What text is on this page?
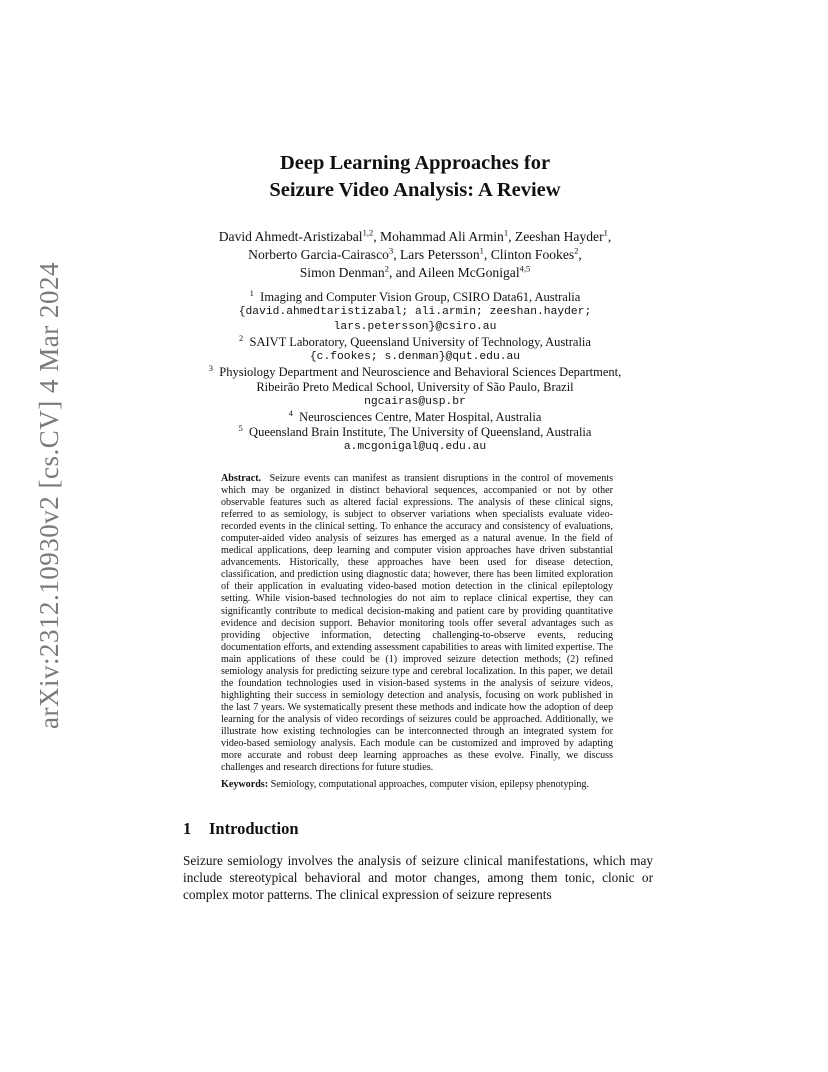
arXiv:2312.10930v2 [cs.CV] 4 Mar 2024
Deep Learning Approaches for
Seizure Video Analysis: A Review
David Ahmedt-Aristizabal$^{1,2}$, Mohammad Ali Armin$^1$, Zeeshan Hayder$^1$,
Norberto Garcia-Cairasco$^3$, Lars Petersson$^1$, Clinton Fookes$^2$,
Simon Denman$^2$, and Aileen McGonigal$^{4,5}$
$^1$ Imaging and Computer Vision Group, CSIRO Data61, Australia
{david.ahmedtaristizabal; ali.armin; zeeshan.hayder;
lars.petersson}@csiro.au
$^2$ SAIVT Laboratory, Queensland University of Technology, Australia
{c.fookes; s.denman}@qut.edu.au
$^3$ Physiology Department and Neuroscience and Behavioral Sciences Department,
Ribeirão Preto Medical School, University of São Paulo, Brazil
ngcairas@usp.br
$^4$ Neurosciences Centre, Mater Hospital, Australia
$^5$ Queensland Brain Institute, The University of Queensland, Australia
a.mcgonigal@uq.edu.au

Abstract. Seizure events can manifest as transient disruptions in the control of movements which may be organized in distinct behavioral sequences, accompanied or not by other observable features such as altered facial expressions. The analysis of these clinical signs, referred to as semiology, is subject to observer variations when specialists evaluate video-recorded events in the clinical setting. To enhance the accuracy and consistency of evaluations, computer-aided video analysis of seizures has emerged as a natural avenue. In the field of medical applications, deep learning and computer vision approaches have driven substantial advancements. Historically, these approaches have been used for disease detection, classification, and prediction using diagnostic data; however, there has been limited exploration of their application in evaluating video-based motion detection in the clinical epileptology setting. While vision-based technologies do not aim to replace clinical expertise, they can significantly contribute to medical decision-making and patient care by providing quantitative evidence and decision support. Behavior monitoring tools offer several advantages such as providing objective information, detecting challenging-to-observe events, reducing documentation efforts, and extending assessment capabilities to areas with limited expertise. The main applications of these could be (1) improved seizure detection methods; (2) refined semiology analysis for predicting seizure type and cerebral localization. In this paper, we detail the foundation technologies used in vision-based systems in the analysis of seizure videos, highlighting their success in semiology detection and analysis, focusing on work published in the last 7 years. We systematically present these methods and indicate how the adoption of deep learning for the analysis of video recordings of seizures could be approached. Additionally, we illustrate how existing technologies can be interconnected through an integrated system for video-based semiology analysis. Each module can be customized and improved by adapting more accurate and robust deep learning approaches as these evolve. Finally, we discuss challenges and research directions for future studies.

Keywords: Semiology, computational approaches, computer vision, epilepsy phenotyping.

1 Introduction

Seizure semiology involves the analysis of seizure clinical manifestations, which may include stereotypical behavioral and motor changes, among them tonic, clonic or complex motor patterns. The clinical expression of seizure represents
